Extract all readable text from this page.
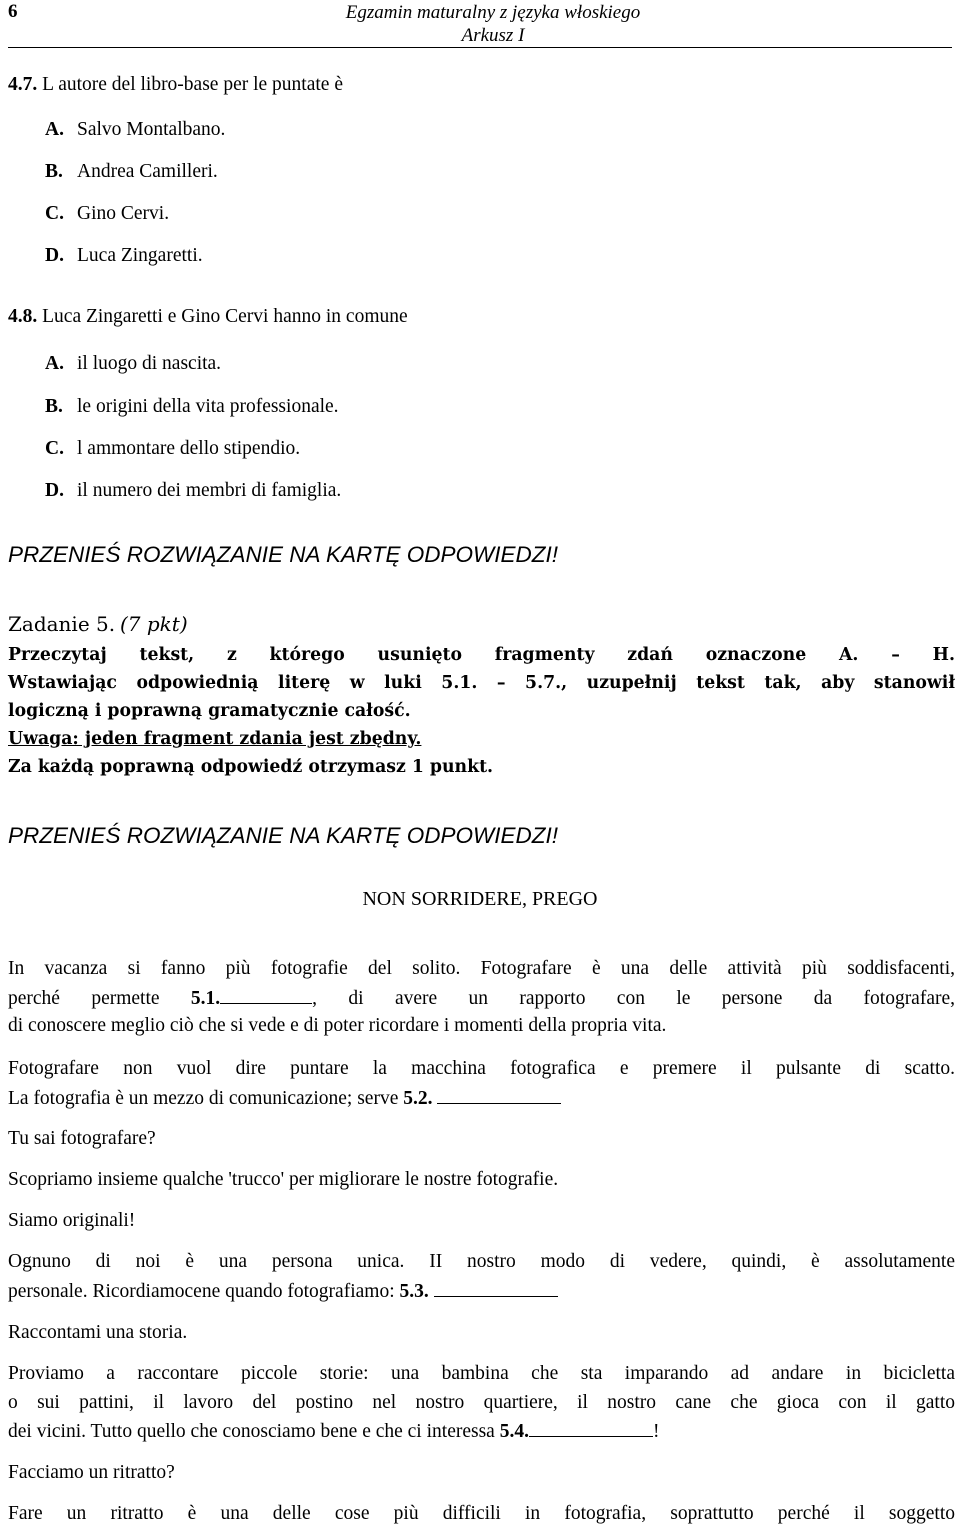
6	Egzamin maturalny z języka włoskiego
Arkusz I
4.7. L autore del libro-base per le puntate è
A. Salvo Montalbano.
B. Andrea Camilleri.
C. Gino Cervi.
D. Luca Zingaretti.
4.8. Luca Zingaretti e Gino Cervi hanno in comune
A. il luogo di nascita.
B. le origini della vita professionale.
C. l ammontare dello stipendio.
D. il numero dei membri di famiglia.
PRZENIEŚ ROZWIĄZANIE NA KARTĘ ODPOWIEDZI!
Zadanie 5. (7 pkt)
Przeczytaj tekst, z którego usunięto fragmenty zdań oznaczone A. – H.
Wstawiając odpowiednią literę w luki 5.1. – 5.7., uzupełnij tekst tak, aby stanowił
logiczną i poprawną gramatycznie całość.
Uwaga: jeden fragment zdania jest zbędny.
Za każdą poprawną odpowiedź otrzymasz 1 punkt.
PRZENIEŚ ROZWIĄZANIE NA KARTĘ ODPOWIEDZI!
NON SORRIDERE, PREGO
In vacanza si fanno più fotografie del solito. Fotografare è una delle attività più soddisfacenti,
perché permette 5.1.	, di avere un rapporto con le persone da fotografare,
di conoscere meglio ciò che si vede e di poter ricordare i momenti della propria vita.
Fotografare non vuol dire puntare la macchina fotografica e premere il pulsante di scatto.
La fotografia è un mezzo di comunicazione; serve 5.2.
Tu sai fotografare?
Scopriamo insieme qualche 'trucco' per migliorare le nostre fotografie.
Siamo originali!
Ognuno di noi è una persona unica. II nostro modo di vedere, quindi, è assolutamente
personale. Ricordiamocene quando fotografiamo: 5.3.
Raccontami una storia.
Proviamo a raccontare piccole storie: una bambina che sta imparando ad andare in bicicletta
o sui pattini, il lavoro del postino nel nostro quartiere, il nostro cane che gioca con il gatto
dei vicini. Tutto quello che conosciamo bene e che ci interessa 5.4.	!
Facciamo un ritratto?
Fare un ritratto è una delle cose più difficili in fotografia, soprattutto perché il soggetto
